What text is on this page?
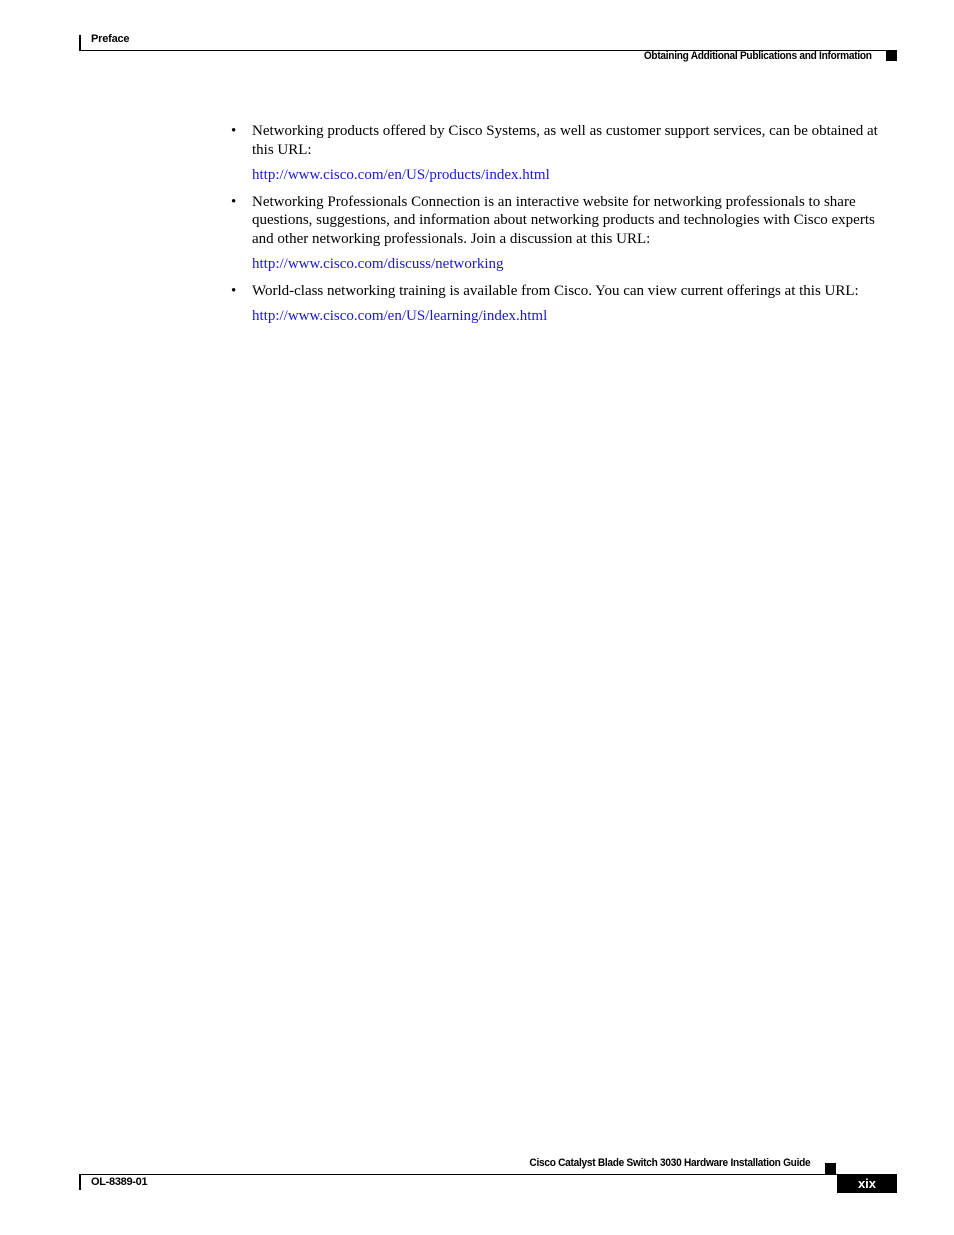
Preface
Obtaining Additional Publications and Information
• Networking products offered by Cisco Systems, as well as customer support services, can be obtained at this URL:
http://www.cisco.com/en/US/products/index.html
• Networking Professionals Connection is an interactive website for networking professionals to share questions, suggestions, and information about networking products and technologies with Cisco experts and other networking professionals. Join a discussion at this URL:
http://www.cisco.com/discuss/networking
• World-class networking training is available from Cisco. You can view current offerings at this URL:
http://www.cisco.com/en/US/learning/index.html
Cisco Catalyst Blade Switch 3030 Hardware Installation Guide
OL-8389-01	xix
